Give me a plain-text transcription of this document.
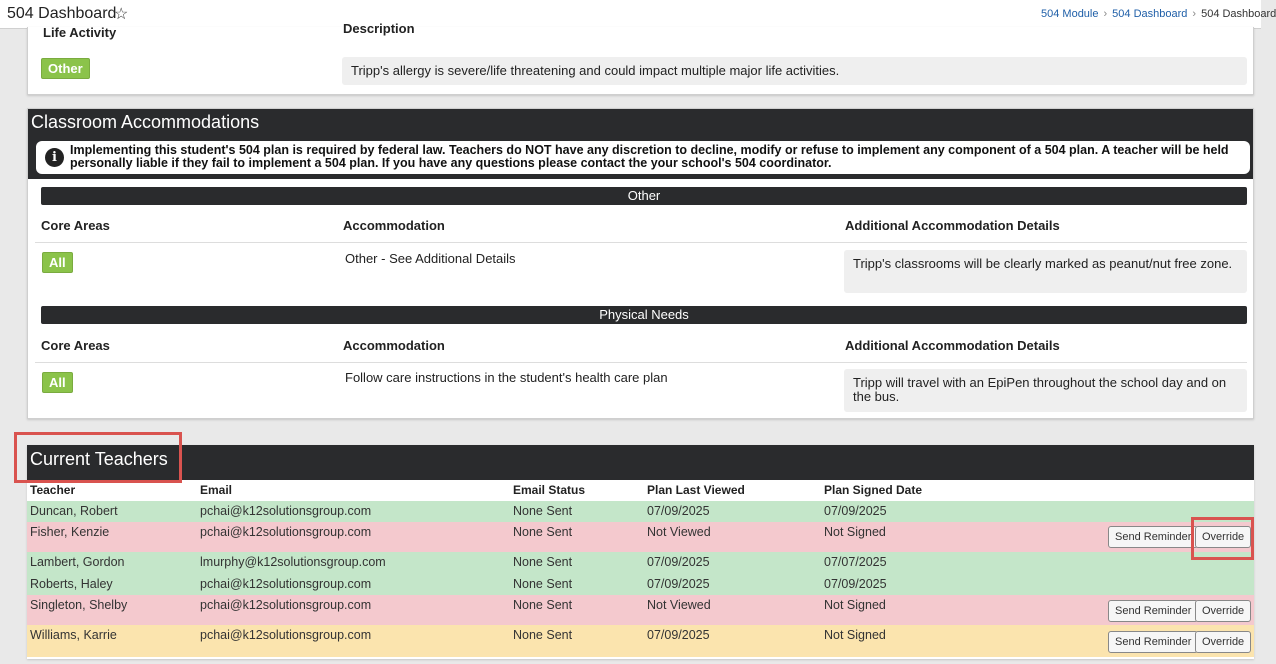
504 Dashboard
☆	504 Module › 504 Dashboard › 504 Dashboard
Life Activity	Description
Other	Tripp's allergy is severe/life threatening and could impact multiple major life activities.
Classroom Accommodations
i	Implementing this student's 504 plan is required by federal law. Teachers do NOT have any discretion to decline, modify or refuse to implement any component of a 504 plan. A teacher will be held personally liable if they fail to implement a 504 plan. If you have any questions please contact the your school's 504 coordinator.
Other
Core Areas	Accommodation	Additional Accommodation Details
All	Other - See Additional Details	Tripp's classrooms will be clearly marked as peanut/nut free zone.
Physical Needs
Core Areas	Accommodation	Additional Accommodation Details
All	Follow care instructions in the student's health care plan	Tripp will travel with an EpiPen throughout the school day and on the bus.
Current Teachers
Teacher	Email	Email Status	Plan Last Viewed	Plan Signed Date
Duncan, Robert	pchai@k12solutionsgroup.com	None Sent	07/09/2025	07/09/2025
Fisher, Kenzie	pchai@k12solutionsgroup.com	None Sent	Not Viewed	Not Signed	Send Reminder Override
Lambert, Gordon	lmurphy@k12solutionsgroup.com	None Sent	07/09/2025	07/07/2025
Roberts, Haley	pchai@k12solutionsgroup.com	None Sent	07/09/2025	07/09/2025
Singleton, Shelby	pchai@k12solutionsgroup.com	None Sent	Not Viewed	Not Signed	Send Reminder Override
Williams, Karrie	pchai@k12solutionsgroup.com	None Sent	07/09/2025	Not Signed	Send Reminder Override
